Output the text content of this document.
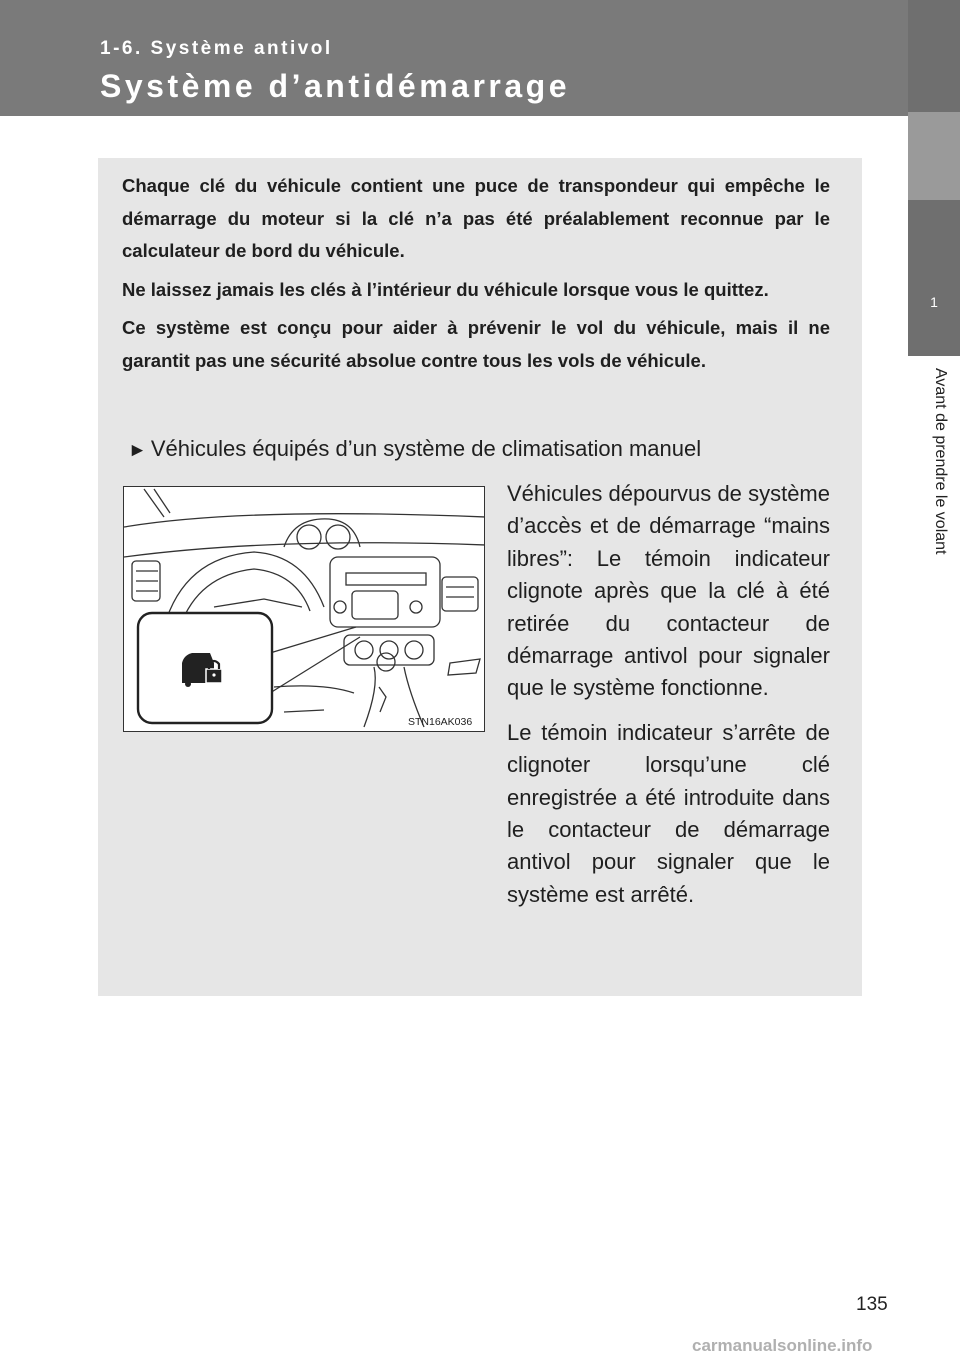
1-6. Système antivol
Système d’antidémarrage
1
Avant de prendre le volant

Chaque clé du véhicule contient une puce de transpondeur qui empêche le démarrage du moteur si la clé n’a pas été préalablement reconnue par le calculateur de bord du véhicule.

Ne laissez jamais les clés à l’intérieur du véhicule lorsque vous le quittez.

Ce système est conçu pour aider à prévenir le vol du véhicule, mais il ne garantit pas une sécurité absolue contre tous les vols de véhicule.

► Véhicules équipés d’un système de climatisation manuel
STN16AK036

Véhicules dépourvus de système d’accès et de démarrage “mains libres”: Le témoin indicateur clignote après que la clé à été retirée du contacteur de démarrage antivol pour signaler que le système fonctionne.

Le témoin indicateur s’arrête de clignoter lorsqu’une clé enregistrée a été introduite dans le contacteur de démarrage antivol pour signaler que le système est arrêté.

135
carmanualsonline.info
